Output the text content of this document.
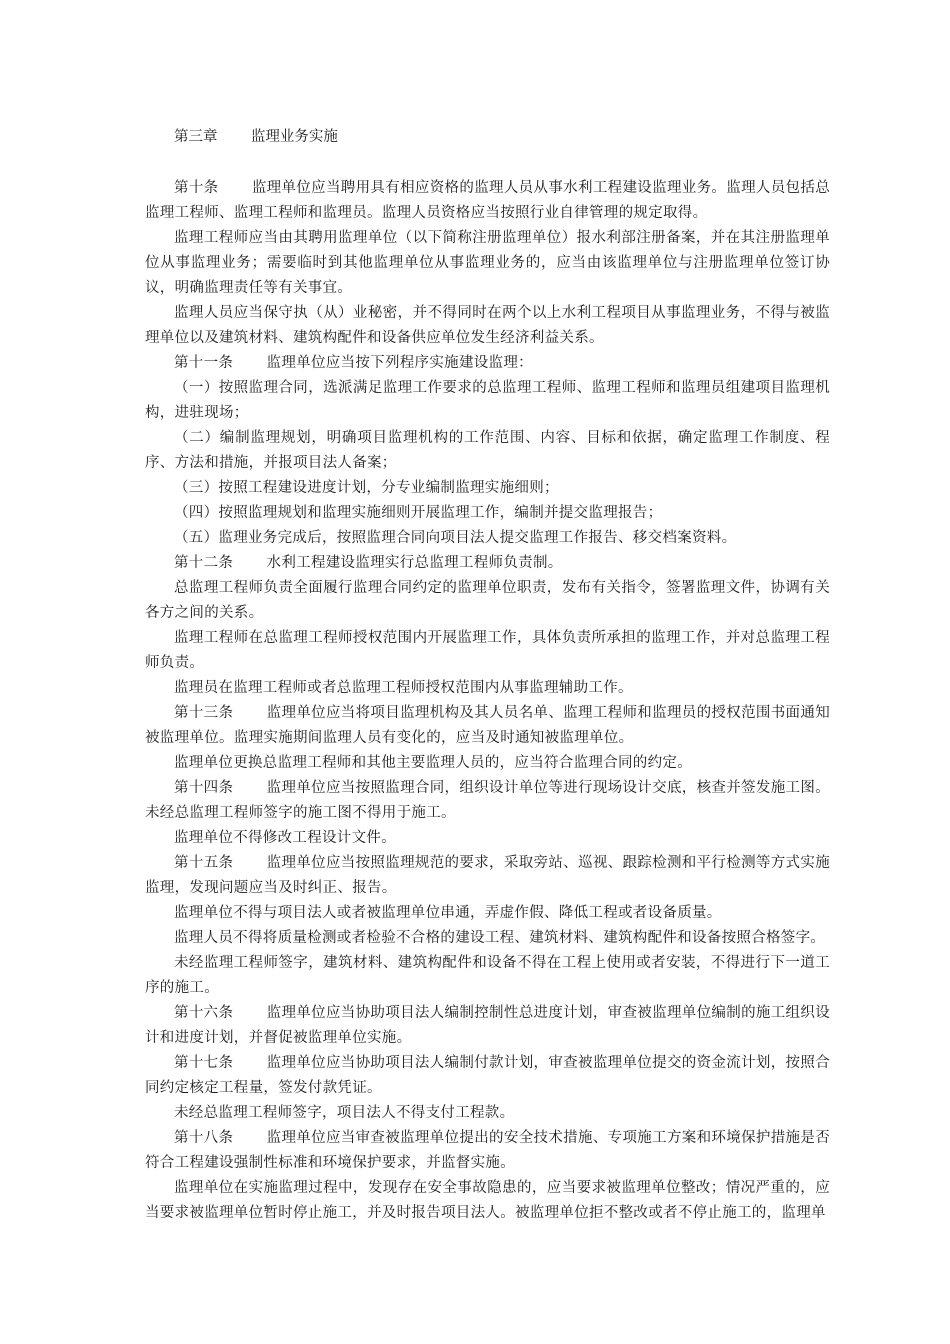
第三章 监理业务实施

第十条 监理单位应当聘用具有相应资格的监理人员从事水利工程建设监理业务。监理人员包括总监理工程师、监理工程师和监理员。监理人员资格应当按照行业自律管理的规定取得。

监理工程师应当由其聘用监理单位（以下简称注册监理单位）报水利部注册备案，并在其注册监理单位从事监理业务；需要临时到其他监理单位从事监理业务的，应当由该监理单位与注册监理单位签订协议，明确监理责任等有关事宜。

监理人员应当保守执（从）业秘密，并不得同时在两个以上水利工程项目从事监理业务，不得与被监理单位以及建筑材料、建筑构配件和设备供应单位发生经济利益关系。

第十一条 监理单位应当按下列程序实施建设监理：

（一）按照监理合同，选派满足监理工作要求的总监理工程师、监理工程师和监理员组建项目监理机构，进驻现场；

（二）编制监理规划，明确项目监理机构的工作范围、内容、目标和依据，确定监理工作制度、程序、方法和措施，并报项目法人备案；

（三）按照工程建设进度计划，分专业编制监理实施细则；

（四）按照监理规划和监理实施细则开展监理工作，编制并提交监理报告；

（五）监理业务完成后，按照监理合同向项目法人提交监理工作报告、移交档案资料。

第十二条 水利工程建设监理实行总监理工程师负责制。

总监理工程师负责全面履行监理合同约定的监理单位职责，发布有关指令，签署监理文件，协调有关各方之间的关系。

监理工程师在总监理工程师授权范围内开展监理工作，具体负责所承担的监理工作，并对总监理工程师负责。

监理员在监理工程师或者总监理工程师授权范围内从事监理辅助工作。

第十三条 监理单位应当将项目监理机构及其人员名单、监理工程师和监理员的授权范围书面通知被监理单位。监理实施期间监理人员有变化的，应当及时通知被监理单位。

监理单位更换总监理工程师和其他主要监理人员的，应当符合监理合同的约定。

第十四条 监理单位应当按照监理合同，组织设计单位等进行现场设计交底，核查并签发施工图。未经总监理工程师签字的施工图不得用于施工。

监理单位不得修改工程设计文件。

第十五条 监理单位应当按照监理规范的要求，采取旁站、巡视、跟踪检测和平行检测等方式实施监理，发现问题应当及时纠正、报告。

监理单位不得与项目法人或者被监理单位串通，弄虚作假、降低工程或者设备质量。

监理人员不得将质量检测或者检验不合格的建设工程、建筑材料、建筑构配件和设备按照合格签字。

未经监理工程师签字，建筑材料、建筑构配件和设备不得在工程上使用或者安装，不得进行下一道工序的施工。

第十六条 监理单位应当协助项目法人编制控制性总进度计划，审查被监理单位编制的施工组织设计和进度计划，并督促被监理单位实施。

第十七条 监理单位应当协助项目法人编制付款计划，审查被监理单位提交的资金流计划，按照合同约定核定工程量，签发付款凭证。

未经总监理工程师签字，项目法人不得支付工程款。

第十八条 监理单位应当审查被监理单位提出的安全技术措施、专项施工方案和环境保护措施是否符合工程建设强制性标准和环境保护要求，并监督实施。

监理单位在实施监理过程中，发现存在安全事故隐患的，应当要求被监理单位整改；情况严重的，应当要求被监理单位暂时停止施工，并及时报告项目法人。被监理单位拒不整改或者不停止施工的，监理单
